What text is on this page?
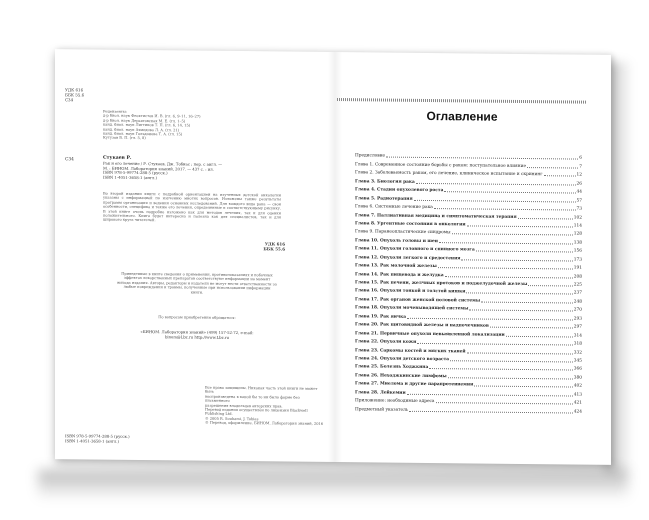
УДК 616
ББК 55.6
С34
Рецензенты:
д-р биол. наук Феоктистов И. В. (гл. 6, 9–11, 16–27)
д-р биол. наук Дерьяговская М. Е. (гл. 1–5)
канд. биол. наук Лигтиков Т. П. (гл. 6, 14, 15)
канд. биол. наук Ахмедова Л. А. (гл. 21)
канд. биол. наук Гольданова Т. А. (гл. 15)
Кутузов В. П. (гл. 5, 8)
С34	Стукаев Р.
Рак и его лечение / Р. Стукаев, Дж. Тобиас ; пер. с англ. —
М. : БИНОМ. Лаборатория знаний, 2017. — 437 с. : ил.
ISBN 978-5-99774-288-5 (русск.)
ISBN 1-4051-3658-1 (англ.)
Во второй издании книги с подробной ориентацией на изученных детской онкологии указаны с информацией по изучению многих вопросов. Изложены также результаты программ организация и ведения основных исследований. Для каждого вида рака — свои особенности, специфика и также его лечения, определённые к соответствующему рисунку. В этой книге очень подробно изложено как для методов лечения, так и для оценки положительного. Книга будет интересна и полезна как для специалистов, так и для широкого круга читателей.
УДК 616
ББК 55.6
Приведенные в книге сведения о применении, противопоказаниях и побочных эффектах лекарственных препаратов соответствуют информации на момент выхода издания. Авторы, редакторы и издатели не могут нести ответственности за любые повреждения и травмы, полученные при использовании информации книги.
По вопросам приобретения обращаться:
«БИНОМ. Лаборатория знаний» (499) 157-52-72, e-mail: binom@Lbz.ru http://www.Lbz.ru
Все права защищены. Никакая часть этой книги не может быть
воспроизведена в какой бы то ни было форме без письменного
разрешения владельцев авторских прав.
Перевод издания осуществлён по лицензии Blackwell Publishing Ltd.
© 2005 R. Souhami, J. Tobias
© Перевод, оформление, БИНОМ. Лаборатория знаний, 2016
ISBN 978-5-99774-288-5 (русск.)
ISBN 1-4051-3658-1 (англ.)
Оглавление
Предисловие	6
Глава 1. Современное состояние борьбы с раком: поступательное влияние	7
Глава 2. Заболеваемость раком, его лечение, клиническое испытание и скрининг	12
Глава 3. Биология рака	26
Глава 4. Стадии опухолевого роста	44
Глава 5. Радиотерапия	57
Глава 6. Системные лечение рака	73
Глава 7. Паллиативная медицина и симптоматическая терапия	102
Глава 8. Ургентные состояния в онкологии	114
Глава 9. Паранеопластические синдромы	128
Глава 10. Опухоль головы и шеи	138
Глава 11. Опухоли головного и спинного мозга	156
Глава 12. Опухоли легкого и средостения	173
Глава 13. Рак молочной железы	191
Глава 14. Рак пищевода и желудка	208
Глава 15. Рак печени, желчных протоков и поджелудочной железы	225
Глава 16. Опухоли тонкой и толстой кишки	237
Глава 17. Рак органов женской половой системы	248
Глава 18. Опухоли мочевыводящей системы	270
Глава 19. Рак яичка	293
Глава 20. Рак щитовидной железы и надпочечников	297
Глава 21. Первичные опухоли невыявленной локализации	314
Глава 22. Опухоли кожи	318
Глава 23. Саркомы костей и мягких тканей	332
Глава 24. Опухоли детского возраста	345
Глава 25. Болезнь Ходжкина	366
Глава 26. Неходжкинские лимфомы	380
Глава 27. Миелома и другие парапротеинемии	402
Глава 28. Лейкемии	413
Приложение: необходимые адреса	421
Предметный указатель	424
